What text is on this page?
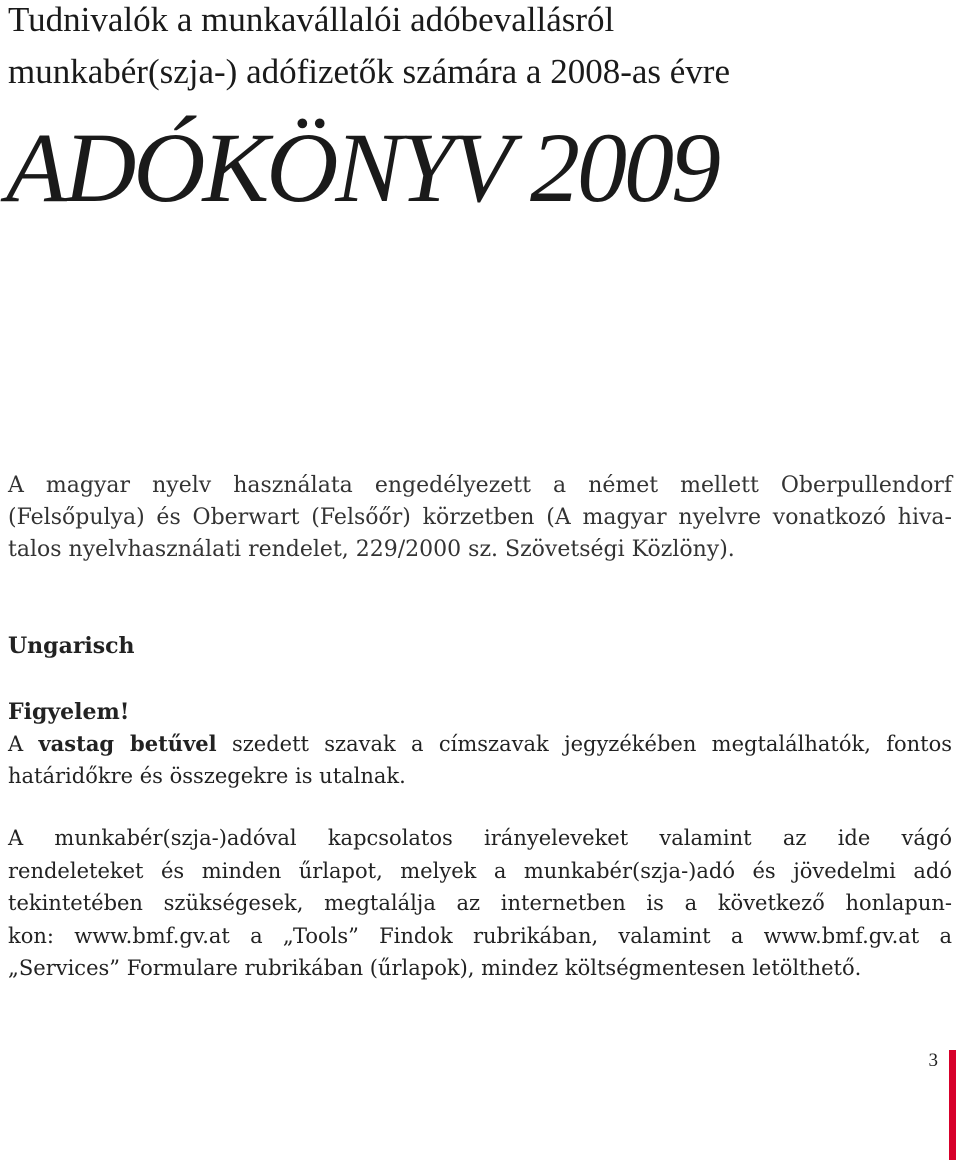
Tudnivalók a munkavállalói adóbevallásról
munkabér(szja-) adófizetők számára a 2008-as évre
ADÓKÖNYV 2009
A magyar nyelv használata engedélyezett a német mellett Oberpullendorf
(Felsőpulya) és Oberwart (Felsőőr) körzetben (A magyar nyelvre vonatkozó hiva-
talos nyelvhasználati rendelet, 229/2000 sz. Szövetségi Közlöny).
Ungarisch
Figyelem!
A vastag betűvel szedett szavak a címszavak jegyzékében megtalálhatók, fontos
határidőkre és összegekre is utalnak.
A munkabér(szja-)adóval kapcsolatos irányeleveket valamint az ide vágó
rendeleteket és minden űrlapot, melyek a munkabér(szja-)adó és jövedelmi adó
tekintetében szükségesek, megtalálja az internetben is a következő honlapun-
kon: www.bmf.gv.at a „Tools” Findok rubrikában, valamint a www.bmf.gv.at a
„Services” Formulare rubrikában (űrlapok), mindez költségmentesen letölthető.
3
